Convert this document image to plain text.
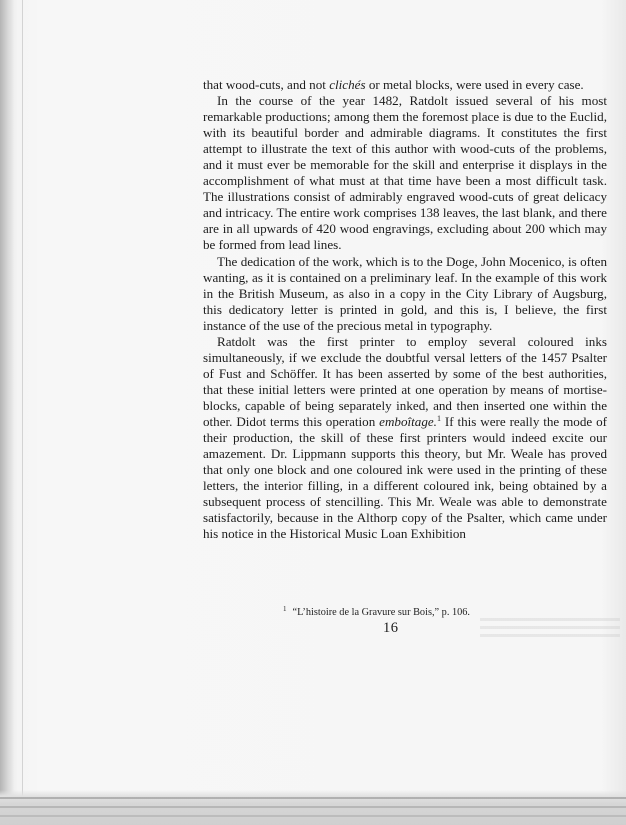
that wood-cuts, and not clichés or metal blocks, were used in every case.

In the course of the year 1482, Ratdolt issued several of his most remarkable productions; among them the foremost place is due to the Euclid, with its beautiful border and admirable diagrams. It constitutes the first attempt to illustrate the text of this author with wood-cuts of the problems, and it must ever be memorable for the skill and enterprise it displays in the accomplishment of what must at that time have been a most difficult task. The illustrations consist of admirably engraved wood-cuts of great delicacy and intricacy. The entire work comprises 138 leaves, the last blank, and there are in all upwards of 420 wood engravings, excluding about 200 which may be formed from lead lines.

The dedication of the work, which is to the Doge, John Mocenico, is often wanting, as it is contained on a preliminary leaf. In the example of this work in the British Museum, as also in a copy in the City Library of Augsburg, this dedicatory letter is printed in gold, and this is, I believe, the first instance of the use of the precious metal in typography.

Ratdolt was the first printer to employ several coloured inks simultaneously, if we exclude the doubtful versal letters of the 1457 Psalter of Fust and Schöffer. It has been asserted by some of the best authorities, that these initial letters were printed at one operation by means of mortise-blocks, capable of being separately inked, and then inserted one within the other. Didot terms this operation emboîtage.$^1$ If this were really the mode of their production, the skill of these first printers would indeed excite our amazement. Dr. Lippmann supports this theory, but Mr. Weale has proved that only one block and one coloured ink were used in the printing of these letters, the interior filling, in a different coloured ink, being obtained by a subsequent process of stencilling. This Mr. Weale was able to demonstrate satisfactorily, because in the Althorp copy of the Psalter, which came under his notice in the Historical Music Loan Exhibition

$^1$ “L’histoire de la Gravure sur Bois,” p. 106.
16
